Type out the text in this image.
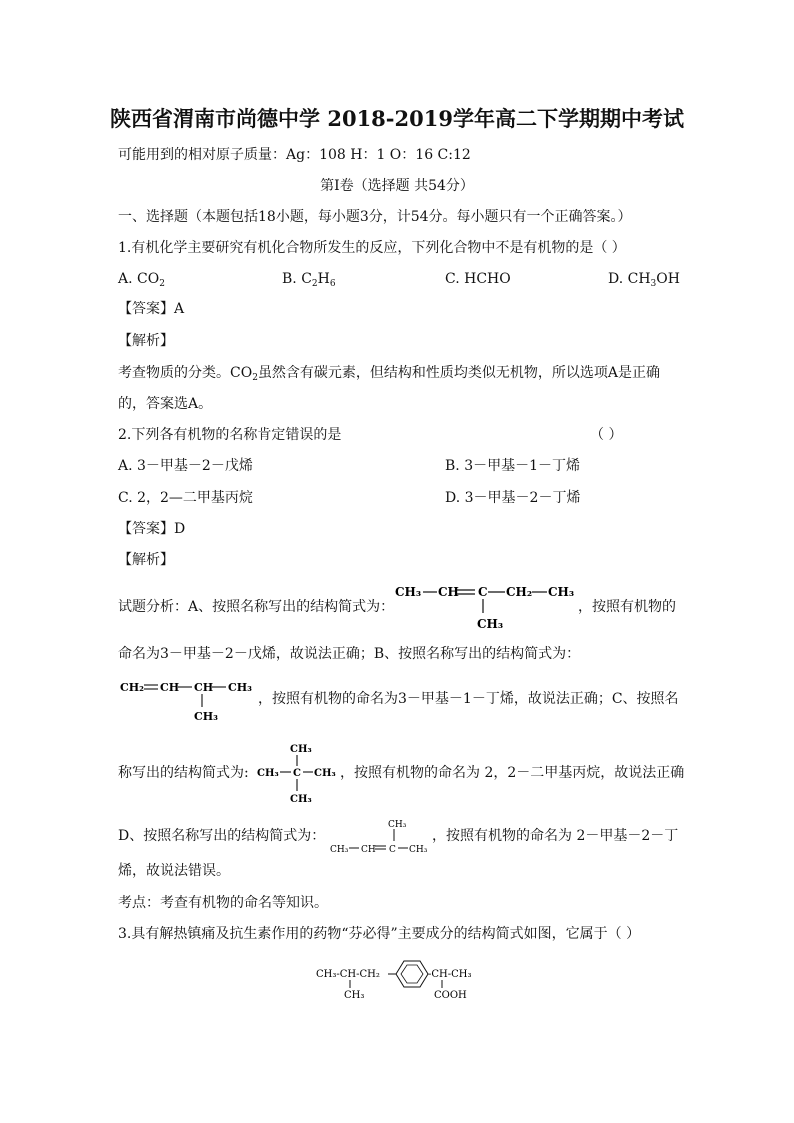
陕西省渭南市尚德中学 2018-2019学年高二下学期期中考试
可能用到的相对原子质量：Ag：108 H：1 O：16 C:12
第Ⅰ卷（选择题 共54分）
一、选择题（本题包括18小题，每小题3分，计54分。每小题只有一个正确答案。）
1.有机化学主要研究有机化合物所发生的反应，下列化合物中不是有机物的是（ ）
A. $CO_2$	B. $C_2H_6$	C. HCHO	D. $CH_3OH$
【答案】A
【解析】
考查物质的分类。$CO_2$虽然含有碳元素，但结构和性质均类似无机物，所以选项A是正确
的，答案选A。
2.下列各有机物的名称肯定错误的是	（ ）
A. 3－甲基－2－戊烯	B. 3－甲基－1－丁烯
C. 2，2—二甲基丙烷	D. 3－甲基－2－丁烯
【答案】D
【解析】
试题分析：A、按照名称写出的结构简式为：
CH₃ CH C CH₂ CH₃
CH₃
，按照有机物的
命名为3－甲基－2－戊烯，故说法正确；B、按照名称写出的结构简式为：
CH₂ CH CH CH₃
CH₃
，按照有机物的命名为3－甲基－1－丁烯，故说法正确；C、按照名
称写出的结构简式为:
CH₃
CH₃ C CH₃
CH₃
，按照有机物的命名为 2，2－二甲基丙烷，故说法正确
D、按照名称写出的结构简式为：
CH₃
CH₃ CH C CH₃
，按照有机物的命名为 2－甲基－2－丁
烯，故说法错误。
考点：考查有机物的命名等知识。
3.具有解热镇痛及抗生素作用的药物“芬必得”主要成分的结构简式如图，它属于（ ）
CH₃-CH-CH₂
CH₃
-CH-CH₃
COOH
